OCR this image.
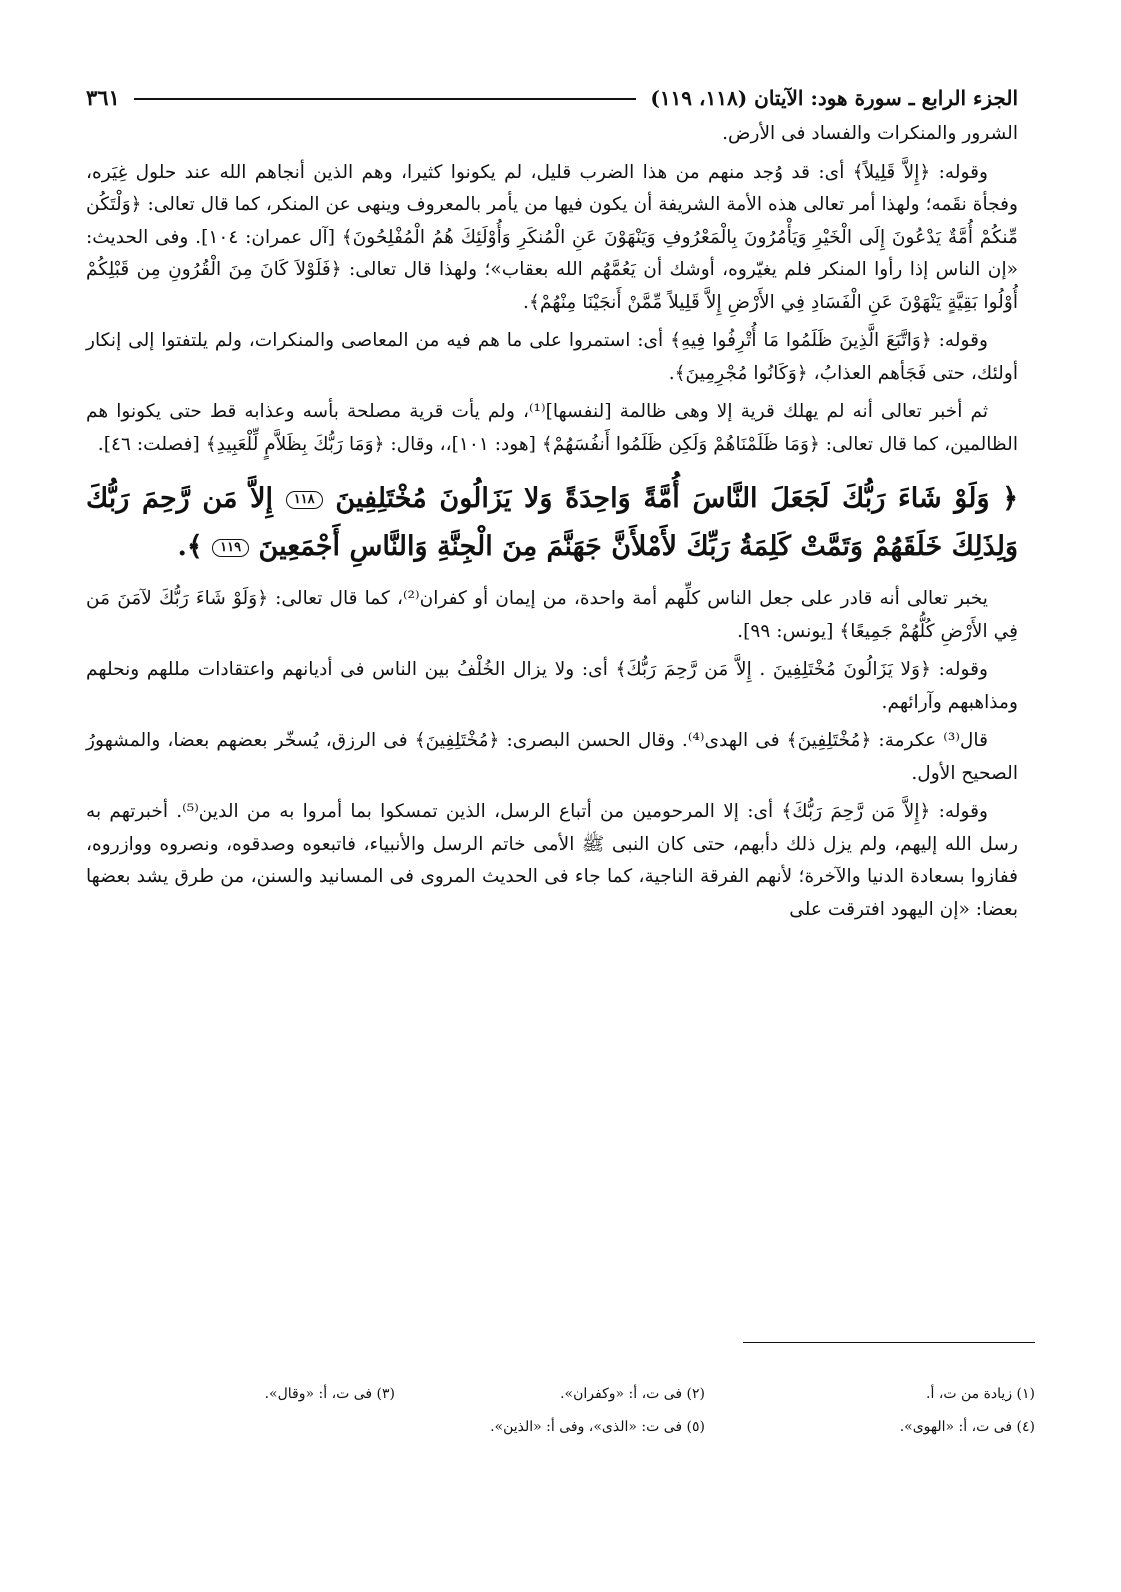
الجزء الرابع ـ سورة هود: الآيتان (١١٨، ١١٩)
٣٦١

الشرور والمنكرات والفساد فى الأرض.

وقوله: ﴿إِلاَّ قَلِيلاً﴾ أى: قد وُجد منهم من هذا الضرب قليل، لم يكونوا كثيرا، وهم الذين أنجاهم الله عند حلول غِيَره، وفجأة نقَمه؛ ولهذا أمر تعالى هذه الأمة الشريفة أن يكون فيها من يأمر بالمعروف وينهى عن المنكر، كما قال تعالى: ﴿وَلْتَكُن مِّنكُمْ أُمَّةٌ يَدْعُونَ إِلَى الْخَيْرِ وَيَأْمُرُونَ بِالْمَعْرُوفِ وَيَنْهَوْنَ عَنِ الْمُنكَرِ وَأُوْلَئِكَ هُمُ الْمُفْلِحُونَ﴾ [آل عمران: ١٠٤]. وفى الحديث: «إن الناس إذا رأوا المنكر فلم يغيّروه، أوشك أن يَعُمَّهُم الله بعقاب»؛ ولهذا قال تعالى: ﴿فَلَوْلاَ كَانَ مِنَ الْقُرُونِ مِن قَبْلِكُمْ أُوْلُوا بَقِيَّةٍ يَنْهَوْنَ عَنِ الْفَسَادِ فِي الأَرْضِ إِلاَّ قَلِيلاً مِّمَّنْ أَنجَيْنَا مِنْهُمْ﴾.

وقوله: ﴿وَاتَّبَعَ الَّذِينَ ظَلَمُوا مَا أُتْرِفُوا فِيهِ﴾ أى: استمروا على ما هم فيه من المعاصى والمنكرات، ولم يلتفتوا إلى إنكار أولئك، حتى فَجَأهم العذابُ، ﴿وَكَانُوا مُجْرِمِينَ﴾.

ثم أخبر تعالى أنه لم يهلك قرية إلا وهى ظالمة [لنفسها]⁽¹⁾، ولم يأت قرية مصلحة بأسه وعذابه قط حتى يكونوا هم الظالمين، كما قال تعالى: ﴿وَمَا ظَلَمْنَاهُمْ وَلَكِن ظَلَمُوا أَنفُسَهُمْ﴾ [هود: ١٠١]،، وقال: ﴿وَمَا رَبُّكَ بِظَلاَّمٍ لِّلْعَبِيدِ﴾ [فصلت: ٤٦].

﴿ وَلَوْ شَاءَ رَبُّكَ لَجَعَلَ النَّاسَ أُمَّةً وَاحِدَةً وَلا يَزَالُونَ مُخْتَلِفِينَ ١١٨ إِلاَّ مَن رَّحِمَ رَبُّكَ وَلِذَلِكَ خَلَقَهُمْ وَتَمَّتْ كَلِمَةُ رَبِّكَ لأَمْلأَنَّ جَهَنَّمَ مِنَ الْجِنَّةِ وَالنَّاسِ أَجْمَعِينَ ١١٩ ﴾.

يخبر تعالى أنه قادر على جعل الناس كلِّهم أمة واحدة، من إيمان أو كفران⁽²⁾، كما قال تعالى: ﴿وَلَوْ شَاءَ رَبُّكَ لآمَنَ مَن فِي الأَرْضِ كُلُّهُمْ جَمِيعًا﴾ [يونس: ٩٩].

وقوله: ﴿وَلا يَزَالُونَ مُخْتَلِفِينَ . إِلاَّ مَن رَّحِمَ رَبُّكَ﴾ أى: ولا يزال الخُلْفُ بين الناس فى أديانهم واعتقادات مللهم ونحلهم ومذاهبهم وآرائهم.

قال⁽³⁾ عكرمة: ﴿مُخْتَلِفِينَ﴾ فى الهدى⁽⁴⁾. وقال الحسن البصرى: ﴿مُخْتَلِفِينَ﴾ فى الرزق، يُسخّر بعضهم بعضا، والمشهورُ الصحيح الأول.

وقوله: ﴿إِلاَّ مَن رَّحِمَ رَبُّكَ﴾ أى: إلا المرحومين من أتباع الرسل، الذين تمسكوا بما أمروا به من الدين⁽⁵⁾. أخبرتهم به رسل الله إليهم، ولم يزل ذلك دأبهم، حتى كان النبى ﷺ الأمى خاتم الرسل والأنبياء، فاتبعوه وصدقوه، ونصروه ووازروه، ففازوا بسعادة الدنيا والآخرة؛ لأنهم الفرقة الناجية، كما جاء فى الحديث المروى فى المسانيد والسنن، من طرق يشد بعضها بعضا: «إن اليهود افترقت على

(١) زيادة من ت، أ.
(٢) فى ت، أ: «وكفران».
(٣) فى ت، أ: «وقال».
(٤) فى ت، أ: «الهوى».
(٥) فى ت: «الذى»، وفى أ: «الذين».
